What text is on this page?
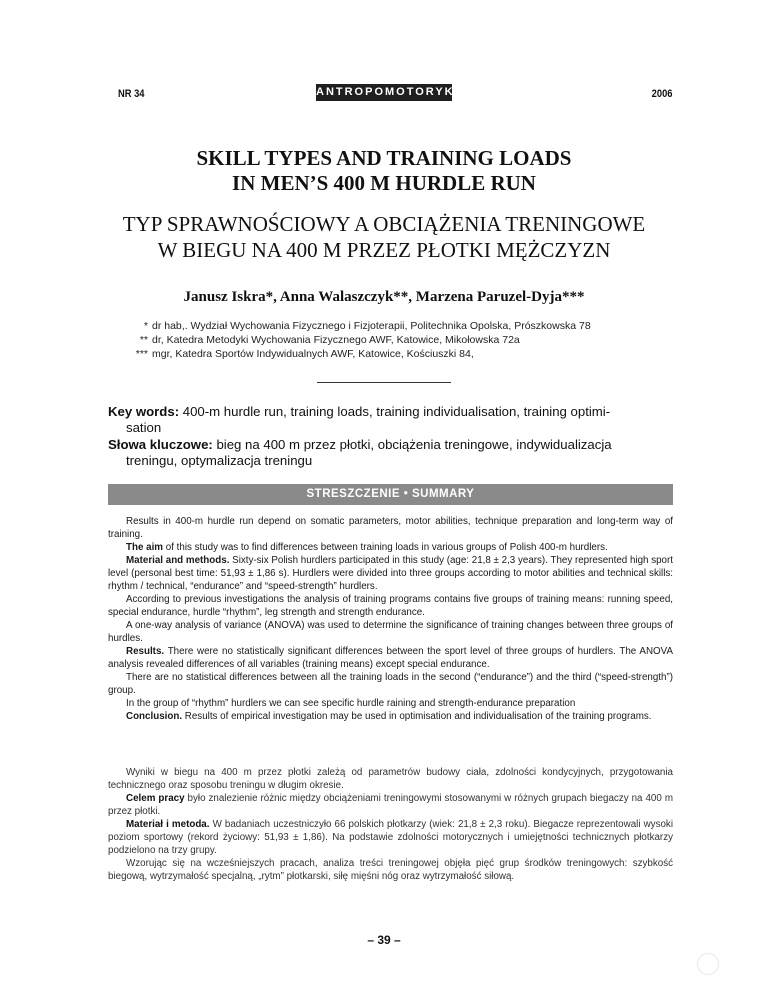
NR 34	ANTROPOMOTORYKA	2006
SKILL TYPES AND TRAINING LOADS
IN MEN’S 400 M HURDLE RUN
TYP SPRAWNOŚCIOWY A OBCIĄŻENIA TRENINGOWE
W BIEGU NA 400 M PRZEZ PŁOTKI MĘŻCZYZN
Janusz Iskra*, Anna Walaszczyk**, Marzena Paruzel-Dyja***
* dr hab,. Wydział Wychowania Fizycznego i Fizjoterapii, Politechnika Opolska, Prószkowska 78
** dr, Katedra Metodyki Wychowania Fizycznego AWF, Katowice, Mikołowska 72a
*** mgr, Katedra Sportów Indywidualnych AWF, Katowice, Kościuszki 84,
Key words: 400-m hurdle run, training loads, training individualisation, training optimi-
sation
Słowa kluczowe: bieg na 400 m przez płotki, obciążenia treningowe, indywidualizacja
treningu, optymalizacja treningu
STRESZCZENIE • SUMMARY

Results in 400-m hurdle run depend on somatic parameters, motor abilities, technique preparation and long-term way of training.

The aim of this study was to find differences between training loads in various groups of Polish 400-m hurdlers.

Material and methods. Sixty-six Polish hurdlers participated in this study (age: 21,8 ± 2,3 years). They represented high sport level (personal best time: 51,93 ± 1,86 s). Hurdlers were divided into three groups according to motor abilities and technical skills: rhythm / technical, “endurance” and “speed-strength” hurdlers.

According to previous investigations the analysis of training programs contains five groups of training means: running speed, special endurance, hurdle “rhythm”, leg strength and strength endurance.

A one-way analysis of variance (ANOVA) was used to determine the significance of training changes between three groups of hurdles.

Results. There were no statistically significant differences between the sport level of three groups of hurdlers. The ANOVA analysis revealed differences of all variables (training means) except special endurance.

There are no statistical differences between all the training loads in the second (“endurance”) and the third (“speed-strength”) group.

In the group of “rhythm” hurdlers we can see specific hurdle raining and strength-endurance preparation

Conclusion. Results of empirical investigation may be used in optimisation and individualisation of the training programs.

Wyniki w biegu na 400 m przez płotki zależą od parametrów budowy ciała, zdolności kondycyjnych, przygotowania technicznego oraz sposobu treningu w długim okresie.

Celem pracy było znalezienie różnic między obciążeniami treningowymi stosowanymi w różnych grupach biegaczy na 400 m przez płotki.

Materiał i metoda. W badaniach uczestniczyło 66 polskich płotkarzy (wiek: 21,8 ± 2,3 roku). Biegacze reprezentowali wysoki poziom sportowy (rekord życiowy: 51,93 ± 1,86). Na podstawie zdolności motorycznych i umiejętności technicznych płotkarzy podzielono na trzy grupy.

Wzorując się na wcześniejszych pracach, analiza treści treningowej objęła pięć grup środków treningowych: szybkość biegową, wytrzymałość specjalną, „rytm” płotkarski, siłę mięśni nóg oraz wytrzymałość siłową.

– 39 –
